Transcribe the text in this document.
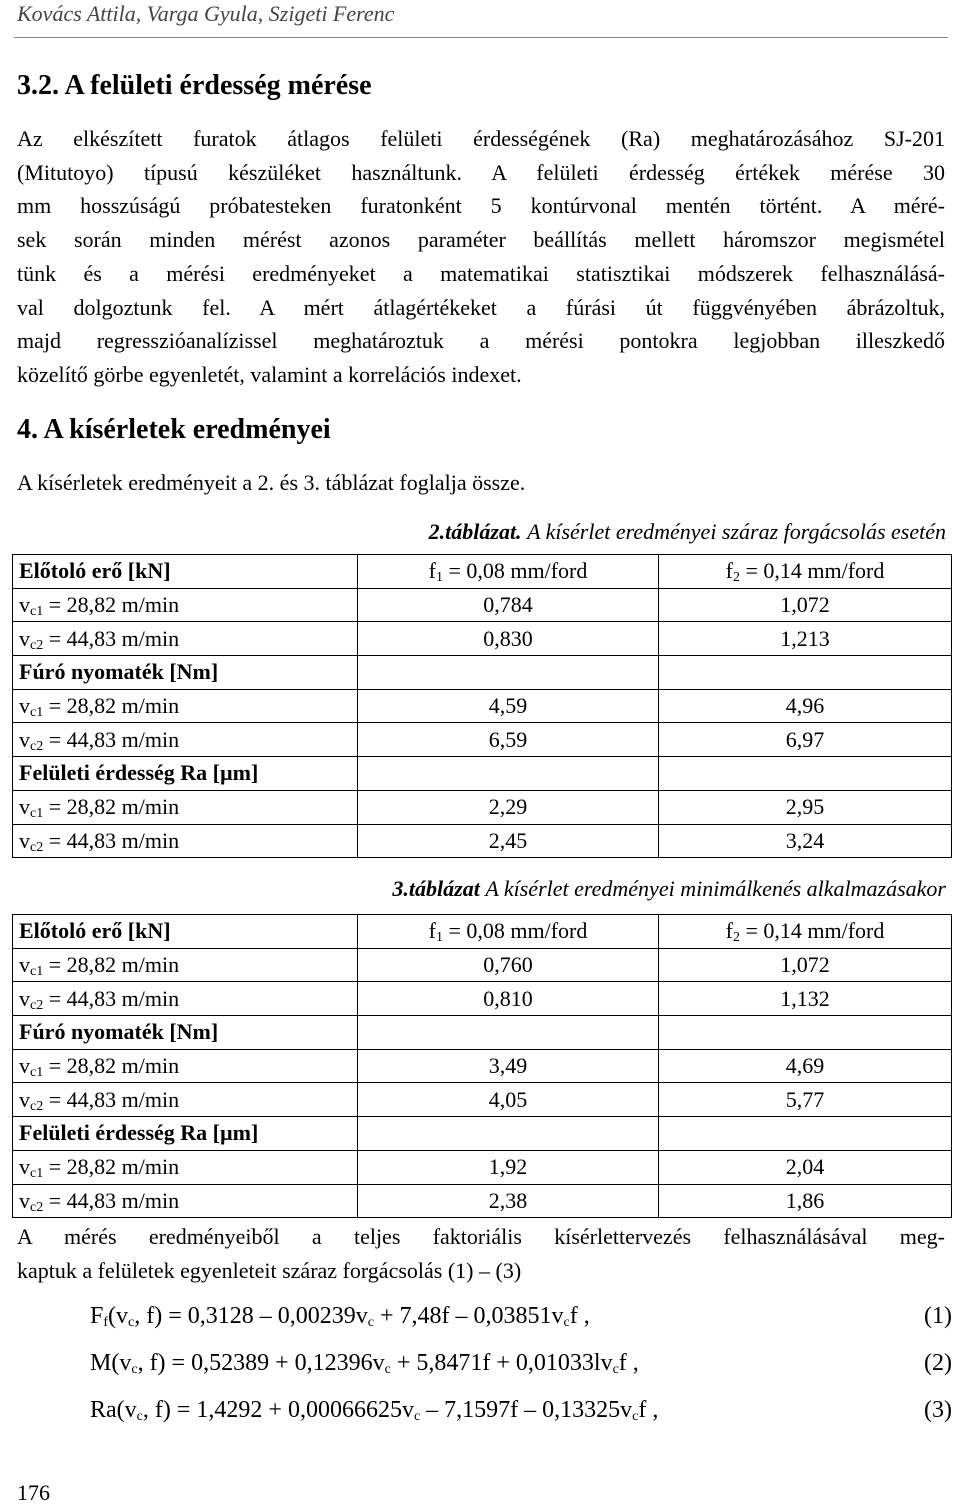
Kovács Attila, Varga Gyula, Szigeti Ferenc
3.2. A felületi érdesség mérése
Az elkészített furatok átlagos felületi érdességének (Ra) meghatározásához SJ-201
(Mitutoyo) típusú készüléket használtunk. A felületi érdesség értékek mérése 30
mm hosszúságú próbatesteken furatonként 5 kontúrvonal mentén történt. A méré-
sek során minden mérést azonos paraméter beállítás mellett háromszor megismétel
tünk és a mérési eredményeket a matematikai statisztikai módszerek felhasználásá-
val dolgoztunk fel. A mért átlagértékeket a fúrási út függvényében ábrázoltuk,
majd regresszióanalízissel meghatároztuk a mérési pontokra legjobban illeszkedő
közelítő görbe egyenletét, valamint a korrelációs indexet.
4. A kísérletek eredményei
A kísérletek eredményeit a 2. és 3. táblázat foglalja össze.
2.táblázat. A kísérlet eredményei száraz forgácsolás esetén
Előtoló erő [kN]	$f_1 = 0,08$ mm/ford	$f_2 = 0,14$ mm/ford
$v_{c1} = 28,82$ m/min	0,784	1,072
$v_{c2} = 44,83$ m/min	0,830	1,213
Fúró nyomaték [Nm]		
$v_{c1} = 28,82$ m/min	4,59	4,96
$v_{c2} = 44,83$ m/min	6,59	6,97
Felületi érdesség Ra [µm]		
$v_{c1} = 28,82$ m/min	2,29	2,95
$v_{c2} = 44,83$ m/min	2,45	3,24
3.táblázat A kísérlet eredményei minimálkenés alkalmazásakor
Előtoló erő [kN]	$f_1 = 0,08$ mm/ford	$f_2 = 0,14$ mm/ford
$v_{c1} = 28,82$ m/min	0,760	1,072
$v_{c2} = 44,83$ m/min	0,810	1,132
Fúró nyomaték [Nm]		
$v_{c1} = 28,82$ m/min	3,49	4,69
$v_{c2} = 44,83$ m/min	4,05	5,77
Felületi érdesség Ra [µm]		
$v_{c1} = 28,82$ m/min	1,92	2,04
$v_{c2} = 44,83$ m/min	2,38	1,86
A mérés eredményeiből a teljes faktoriális kísérlettervezés felhasználásával meg-
kaptuk a felületek egyenleteit száraz forgácsolás (1) – (3)
$F_f(v_c$, $f) = 0,3128 - 0,00239v_c + 7,48f - 0,03851v_cf$ ,	(1)
$M(v_c$, $f) = 0,52389 + 0,12396v_c + 5,8471f + 0,01033lv_cf$ ,	(2)
$Ra(v_c$, $f) = 1,4292 + 0,00066625v_c - 7,1597f - 0,13325v_cf$ ,	(3)
176
